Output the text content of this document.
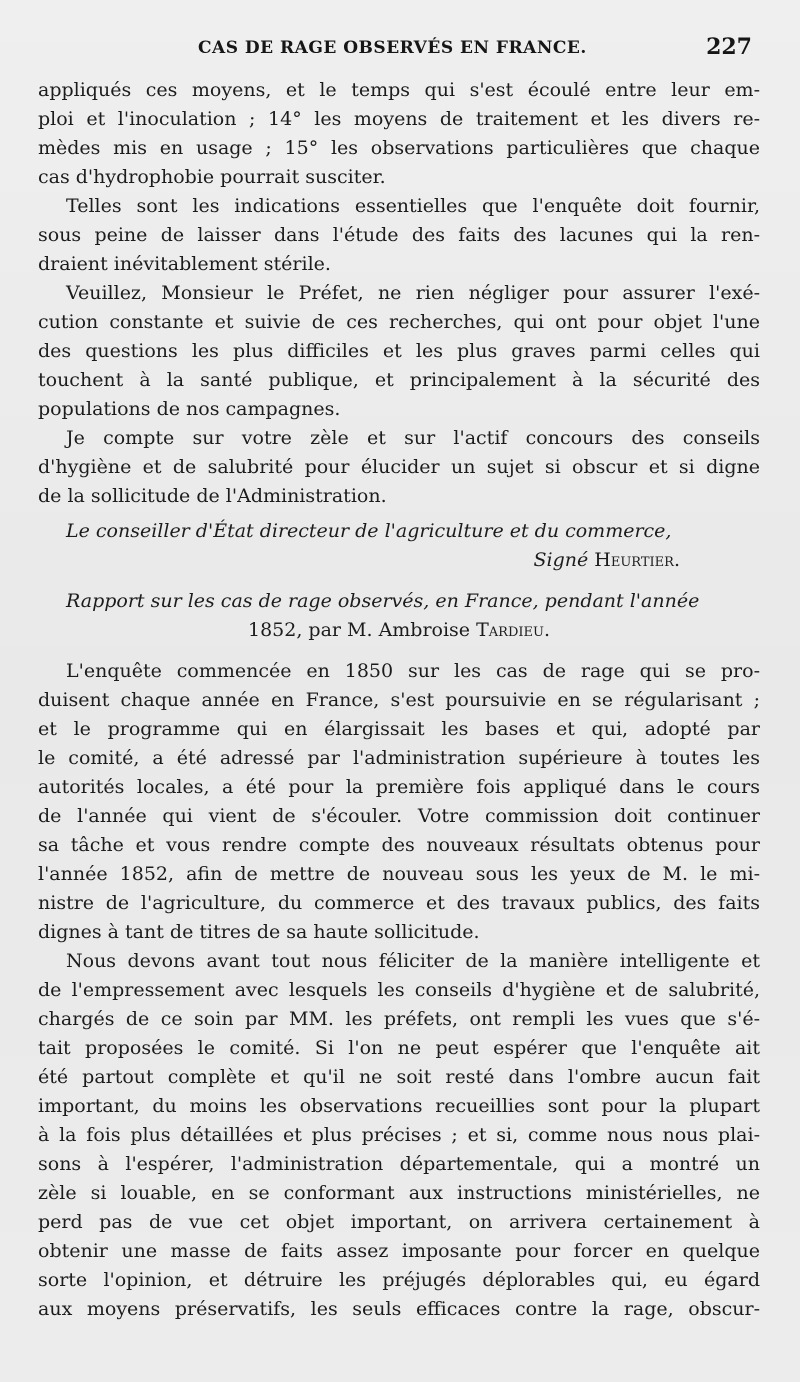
CAS DE RAGE OBSERVÉS EN FRANCE.	227
appliqués ces moyens, et le temps qui s'est écoulé entre leur em-
ploi et l'inoculation ; 14° les moyens de traitement et les divers re-
mèdes mis en usage ; 15° les observations particulières que chaque
cas d'hydrophobie pourrait susciter.
Telles sont les indications essentielles que l'enquête doit fournir,
sous peine de laisser dans l'étude des faits des lacunes qui la ren-
draient inévitablement stérile.
Veuillez, Monsieur le Préfet, ne rien négliger pour assurer l'exé-
cution constante et suivie de ces recherches, qui ont pour objet l'une
des questions les plus difficiles et les plus graves parmi celles qui
touchent à la santé publique, et principalement à la sécurité des
populations de nos campagnes.
Je compte sur votre zèle et sur l'actif concours des conseils
d'hygiène et de salubrité pour élucider un sujet si obscur et si digne
de la sollicitude de l'Administration.
Le conseiller d'État directeur de l'agriculture et du commerce,
Signé Heurtier.
Rapport sur les cas de rage observés, en France, pendant l'année
1852, par M. Ambroise Tardieu.
L'enquête commencée en 1850 sur les cas de rage qui se pro-
duisent chaque année en France, s'est poursuivie en se régularisant ;
et le programme qui en élargissait les bases et qui, adopté par
le comité, a été adressé par l'administration supérieure à toutes les
autorités locales, a été pour la première fois appliqué dans le cours
de l'année qui vient de s'écouler. Votre commission doit continuer
sa tâche et vous rendre compte des nouveaux résultats obtenus pour
l'année 1852, afin de mettre de nouveau sous les yeux de M. le mi-
nistre de l'agriculture, du commerce et des travaux publics, des faits
dignes à tant de titres de sa haute sollicitude.
Nous devons avant tout nous féliciter de la manière intelligente et
de l'empressement avec lesquels les conseils d'hygiène et de salubrité,
chargés de ce soin par MM. les préfets, ont rempli les vues que s'é-
tait proposées le comité. Si l'on ne peut espérer que l'enquête ait
été partout complète et qu'il ne soit resté dans l'ombre aucun fait
important, du moins les observations recueillies sont pour la plupart
à la fois plus détaillées et plus précises ; et si, comme nous nous plai-
sons à l'espérer, l'administration départementale, qui a montré un
zèle si louable, en se conformant aux instructions ministérielles, ne
perd pas de vue cet objet important, on arrivera certainement à
obtenir une masse de faits assez imposante pour forcer en quelque
sorte l'opinion, et détruire les préjugés déplorables qui, eu égard
aux moyens préservatifs, les seuls efficaces contre la rage, obscur-
